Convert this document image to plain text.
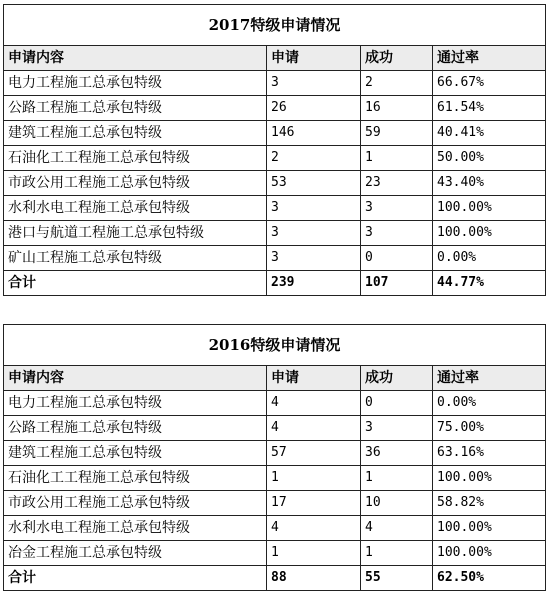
2017特级申请情况			
申请内容	申请	成功	通过率
电力工程施工总承包特级	3	2	66.67%
公路工程施工总承包特级	26	16	61.54%
建筑工程施工总承包特级	146	59	40.41%
石油化工工程施工总承包特级	2	1	50.00%
市政公用工程施工总承包特级	53	23	43.40%
水利水电工程施工总承包特级	3	3	100.00%
港口与航道工程施工总承包特级	3	3	100.00%
矿山工程施工总承包特级	3	0	0.00%
合计	239	107	44.77%
2016特级申请情况			
申请内容	申请	成功	通过率
电力工程施工总承包特级	4	0	0.00%
公路工程施工总承包特级	4	3	75.00%
建筑工程施工总承包特级	57	36	63.16%
石油化工工程施工总承包特级	1	1	100.00%
市政公用工程施工总承包特级	17	10	58.82%
水利水电工程施工总承包特级	4	4	100.00%
冶金工程施工总承包特级	1	1	100.00%
合计	88	55	62.50%
